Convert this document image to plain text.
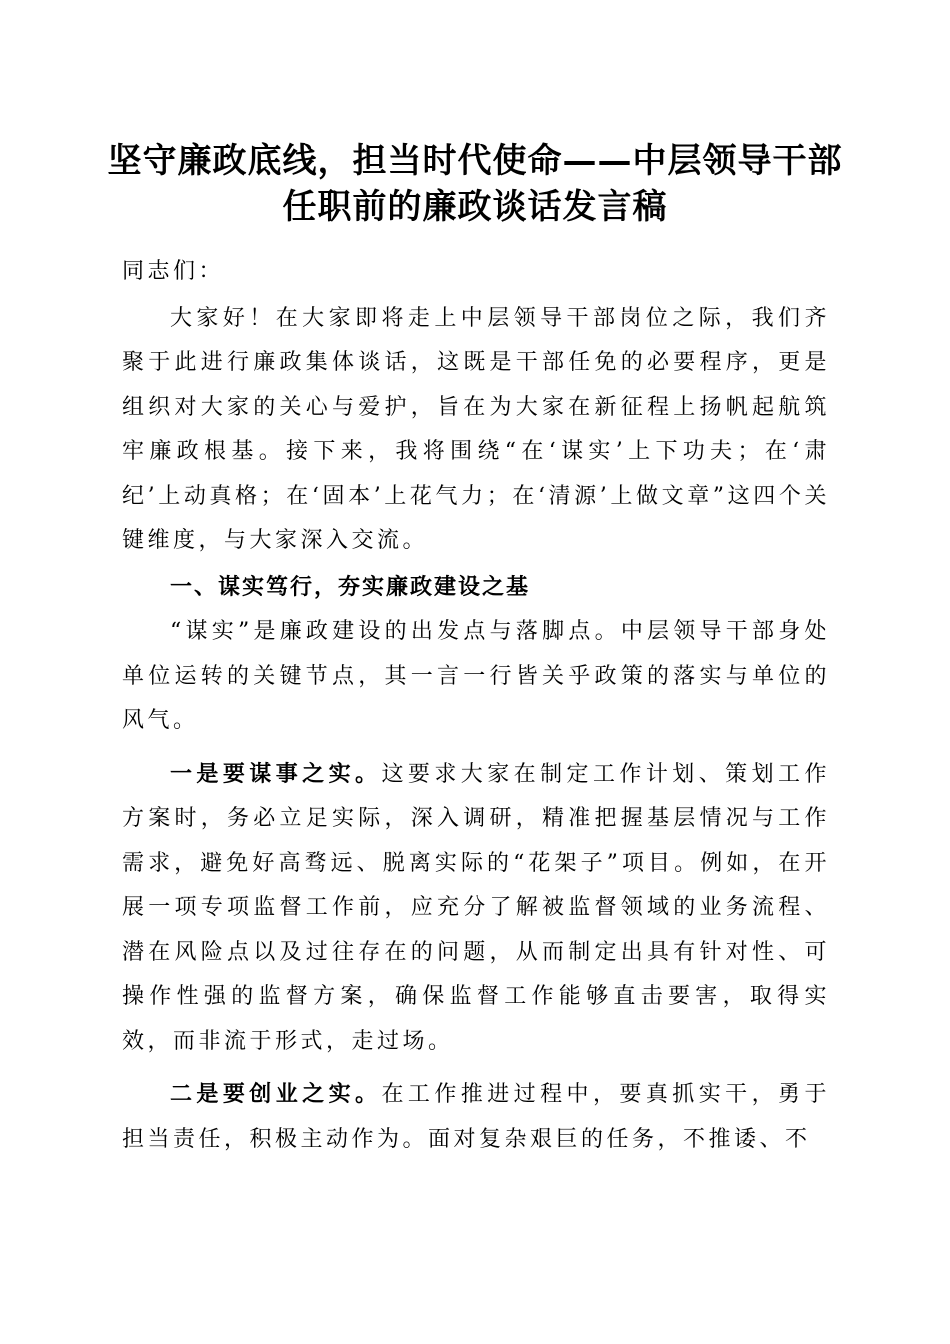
坚守廉政底线，担当时代使命——中层领导干部任职前的廉政谈话发言稿

同志们：

大家好！在大家即将走上中层领导干部岗位之际，我们齐聚于此进行廉政集体谈话，这既是干部任免的必要程序，更是组织对大家的关心与爱护，旨在为大家在新征程上扬帆起航筑牢廉政根基。接下来，我将围绕“在‘谋实’上下功夫；在‘肃纪’上动真格；在‘固本’上花气力；在‘清源’上做文章”这四个关键维度，与大家深入交流。

一、谋实笃行，夯实廉政建设之基

“谋实”是廉政建设的出发点与落脚点。中层领导干部身处单位运转的关键节点，其一言一行皆关乎政策的落实与单位的风气。

一是要谋事之实。这要求大家在制定工作计划、策划工作方案时，务必立足实际，深入调研，精准把握基层情况与工作需求，避免好高骛远、脱离实际的“花架子”项目。例如，在开展一项专项监督工作前，应充分了解被监督领域的业务流程、潜在风险点以及过往存在的问题，从而制定出具有针对性、可操作性强的监督方案，确保监督工作能够直击要害，取得实效，而非流于形式，走过场。

二是要创业之实。在工作推进过程中，要真抓实干，勇于担当责任，积极主动作为。面对复杂艰巨的任务，不推诿、不
